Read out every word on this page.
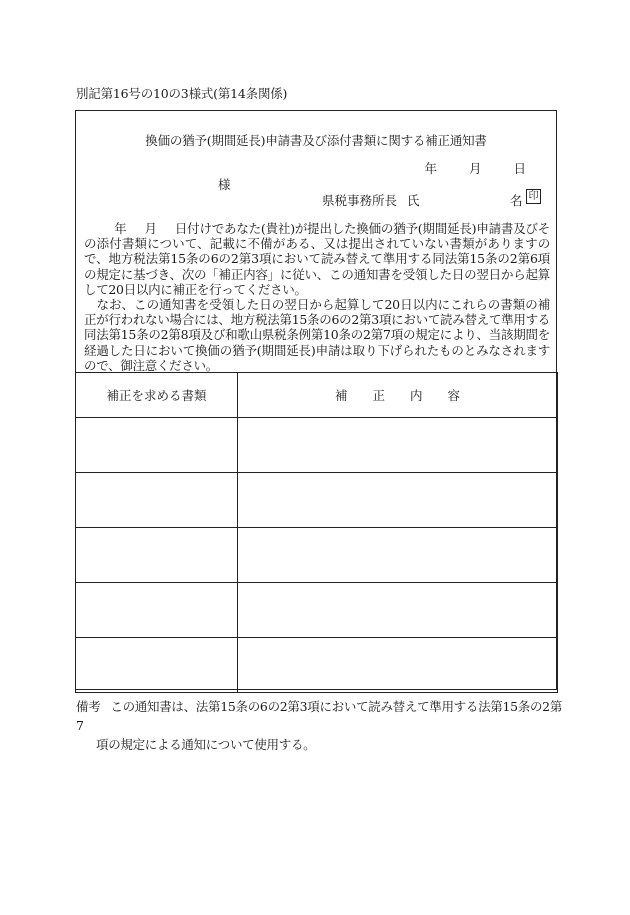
別記第16号の10の3様式(第14条関係)
換価の猶予(期間延長)申請書及び添付書類に関する補正通知書
年	月	日
様
県税事務所長 氏	名 印

年 月 日付けであなた(貴社)が提出した換価の猶予(期間延長)申請書及びその添付書類について、記載に不備がある、又は提出されていない書類がありますので、地方税法第15条の6の2第3項において読み替えて準用する同法第15条の2第6項の規定に基づき、次の「補正内容」に従い、この通知書を受領した日の翌日から起算して20日以内に補正を行ってください。

なお、この通知書を受領した日の翌日から起算して20日以内にこれらの書類の補正が行われない場合には、地方税法第15条の6の2第3項において読み替えて準用する同法第15条の2第8項及び和歌山県税条例第10条の2第7項の規定により、当該期間を経過した日において換価の猶予(期間延長)申請は取り下げられたものとみなされますので、御注意ください。

補正を求める書類	補　　正　　内　　容

備考 この通知書は、法第15条の6の2第3項において読み替えて準用する法第15条の2第7
項の規定による通知について使用する。
